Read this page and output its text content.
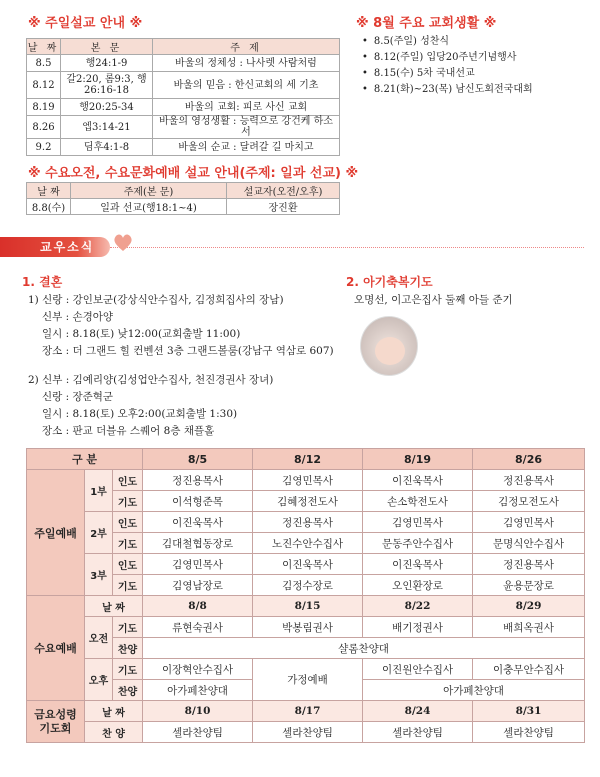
※ 주일설교 안내 ※
날 짜	본 문	주 제
8.5	행24:1-9	바울의 정체성 : 나사렛 사람처럼
8.12	갈2:20, 롬9:3, 행26:16-18	바울의 믿음 : 한신교회의 세 기초
8.19	행20:25-34	바울의 교회: 피로 사신 교회
8.26	엡3:14-21	바울의 영성생활 : 능력으로 강건케 하소서
9.2	딤후4:1-8	바울의 순교 : 달려갈 길 마치고
※ 수요오전, 수요문화예배 설교 안내(주제: 일과 선교) ※
날 짜	주제(본 문)	설교자(오전/오후)
8.8(수)	일과 선교(행18:1~4)	장진환
※ 8월 주요 교회생활 ※
• 8.5(주일) 성찬식
• 8.12(주일) 입당20주년기념행사
• 8.15(수) 5차 국내선교
• 8.21(화)~23(목) 남신도회전국대회
교우소식
1. 결혼
1) 신랑 : 강인보군(강상식안수집사, 김정희집사의 장남)
신부 : 손경아양
일시 : 8.18(토) 낮12:00(교회출발 11:00)
장소 : 더 그랜드 힐 컨벤션 3층 그랜드볼룸(강남구 역삼로 607)
2) 신부 : 김예리양(김성업안수집사, 천진경권사 장녀)
신랑 : 장준혁군
일시 : 8.18(토) 오후2:00(교회출발 1:30)
장소 : 판교 더블유 스퀘어 8층 채플홀
2. 아기축복기도
오명선, 이고은집사 둘째 아들 준기
구 분			8/5	8/12	8/19	8/26
주일예배	1부	인도	정진용목사	김영민목사	이진욱목사	정진용목사
		기도	이석형준목	김혜정전도사	손소학전도사	김정모전도사
	2부	인도	이진욱목사	정진용목사	김영민목사	김영민목사
		기도	김대철협동장로	노진수안수집사	문동주안수집사	문명식안수집사
	3부	인도	김영민목사	이진욱목사	이진욱목사	정진용목사
		기도	김영남장로	김정수장로	오인환장로	윤용문장로
수요예배	날 짜		8/8	8/15	8/22	8/29
	오전	기도	류현숙권사	박봉림권사	배기정권사	배희옥권사
		찬양	샬롬찬양대			
	오후	기도	이장혁안수집사	가정예배	이진원안수집사	이충무안수집사
		찬양	아가페찬양대		아가페찬양대	

금요성령
기도회	날 짜		8/10	8/17	8/24	8/31
	찬 양		셀라찬양팀	셀라찬양팀	셀라찬양팀	셀라찬양팀
